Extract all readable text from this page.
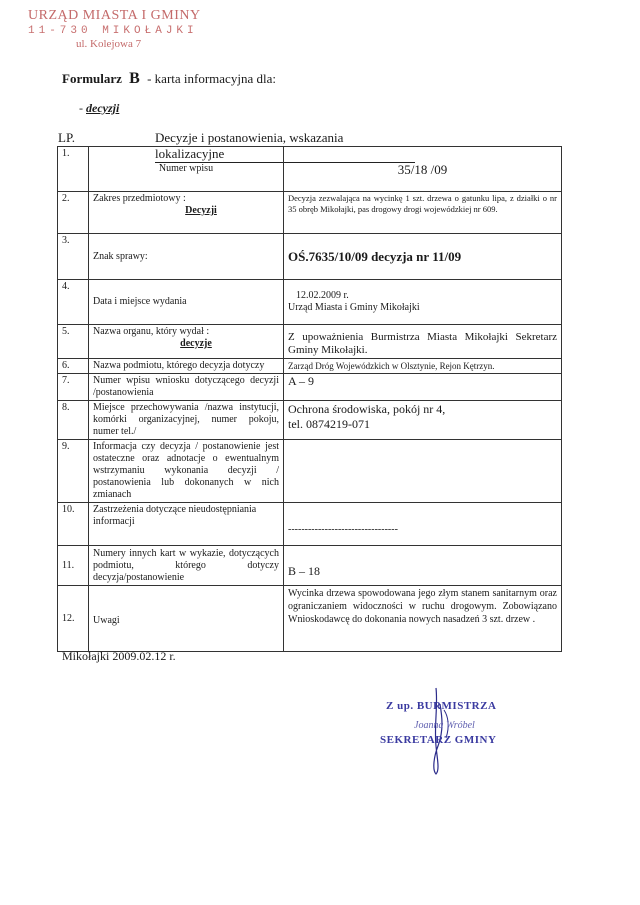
URZĄD MIASTA I GMINY
11-730 MIKOŁAJKI
ul. Kolejowa 7
Formularz B - karta informacyjna dla:
- decyzji
LP.	Decyzje i postanowienia, wskazania lokalizacyjne
1.	Numer wpisu	35/18 /09
2.	Zakres przedmiotowy :
Decyzji	Decyzja zezwalająca na wycinkę 1 szt. drzewa o gatunku lipa, z działki o nr 35 obręb Mikołajki, pas drogowy drogi wojewódzkiej nr 609.
3.	Znak sprawy:	OŚ.7635/10/09 decyzja nr 11/09
4.	Data i miejsce wydania	12.02.2009 r.
Urząd Miasta i Gminy Mikołajki

5.	Nazwa organu, który wydał :
decyzje	Z upoważnienia Burmistrza Miasta Mikołajki Sekretarz Gminy Mikołajki.
6.	Nazwa podmiotu, którego decyzja dotyczy	Zarząd Dróg Wojewódzkich w Olsztynie, Rejon Kętrzyn.
7.	Numer wpisu wniosku dotyczącego decyzji /postanowienia	A – 9
8.	Miejsce przechowywania /nazwa instytucji, komórki organizacyjnej, numer pokoju, numer tel./	Ochrona środowiska, pokój nr 4,
tel. 0874219-071

9.	Informacja czy decyzja / postanowienie jest ostateczne oraz adnotacje o ewentualnym wstrzymaniu wykonania decyzji / postanowienia lub dokonanych w nich zmianach	
10.	Zastrzeżenia dotyczące nieudostępniania informacji	---------------------------------
11.	Numery innych kart w wykazie, dotyczących podmiotu, którego dotyczy decyzja/postanowienie	B – 18
12.	Uwagi	Wycinka drzewa spowodowana jego złym stanem sanitarnym oraz ograniczaniem widoczności w ruchu drogowym. Zobowiązano Wnioskodawcę do dokonania nowych nasadzeń 3 szt. drzew .
Mikołajki 2009.02.12 r.
Z up. BURMISTRZA
Joanna Wróbel
SEKRETARZ GMINY
